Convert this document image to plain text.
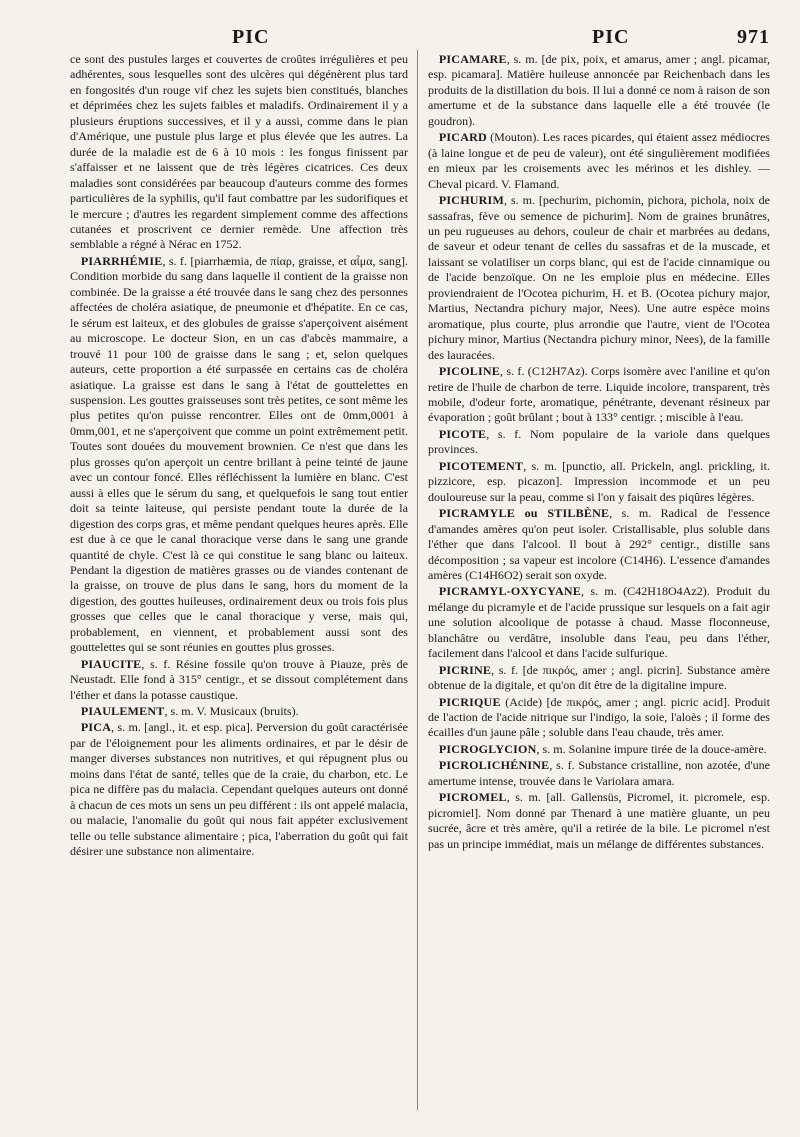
PIC	PIC	971

ce sont des pustules larges et couvertes de croûtes irrégulières et peu adhérentes, sous lesquelles sont des ulcères qui dégénèrent plus tard en fongosités d'un rouge vif chez les sujets bien constitués, blanches et déprimées chez les sujets faibles et maladifs. Ordinairement il y a plusieurs éruptions successives, et il y a aussi, comme dans le pian d'Amérique, une pustule plus large et plus élevée que les autres. La durée de la maladie est de 6 à 10 mois : les fongus finissent par s'affaisser et ne laissent que de très légères cicatrices. Ces deux maladies sont considérées par beaucoup d'auteurs comme des formes particulières de la syphilis, qu'il faut combattre par les sudorifiques et le mercure ; d'autres les regardent simplement comme des affections cutanées et proscrivent ce dernier remède. Une affection très semblable a régné à Nérac en 1752.

PIARRHÉMIE, s. f. [piarrhæmia, de πίαρ, graisse, et αἷμα, sang]. Condition morbide du sang dans laquelle il contient de la graisse non combinée. De la graisse a été trouvée dans le sang chez des personnes affectées de choléra asiatique, de pneumonie et d'hépatite. En ce cas, le sérum est laiteux, et des globules de graisse s'aperçoivent aisément au microscope. Le docteur Sion, en un cas d'abcès mammaire, a trouvé 11 pour 100 de graisse dans le sang ; et, selon quelques auteurs, cette proportion a été surpassée en certains cas de choléra asiatique. La graisse est dans le sang à l'état de gouttelettes en suspension. Les gouttes graisseuses sont très petites, ce sont même les plus petites qu'on puisse rencontrer. Elles ont de 0mm,0001 à 0mm,001, et ne s'aperçoivent que comme un point extrêmement petit. Toutes sont douées du mouvement brownien. Ce n'est que dans les plus grosses qu'on aperçoit un centre brillant à peine teinté de jaune avec un contour foncé. Elles réfléchissent la lumière en blanc. C'est aussi à elles que le sérum du sang, et quelquefois le sang tout entier doit sa teinte laiteuse, qui persiste pendant toute la durée de la digestion des corps gras, et même pendant quelques heures après. Elle est due à ce que le canal thoracique verse dans le sang une grande quantité de chyle. C'est là ce qui constitue le sang blanc ou laiteux. Pendant la digestion de matières grasses ou de viandes contenant de la graisse, on trouve de plus dans le sang, hors du moment de la digestion, des gouttes huileuses, ordinairement deux ou trois fois plus grosses que celles que le canal thoracique y verse, mais qui, probablement, en viennent, et probablement aussi sont des gouttelettes qui se sont réunies en gouttes plus grosses.

PIAUCITE, s. f. Résine fossile qu'on trouve à Piauze, près de Neustadt. Elle fond à 315° centigr., et se dissout complétement dans l'éther et dans la potasse caustique.

PIAULEMENT, s. m. V. Musicaux (bruits).

PICA, s. m. [angl., it. et esp. pica]. Perversion du goût caractérisée par de l'éloignement pour les aliments ordinaires, et par le désir de manger diverses substances non nutritives, et qui répugnent plus ou moins dans l'état de santé, telles que de la craie, du charbon, etc. Le pica ne diffère pas du malacia. Cependant quelques auteurs ont donné à chacun de ces mots un sens un peu différent : ils ont appelé malacia, ou malacie, l'anomalie du goût qui nous fait appéter exclusivement telle ou telle substance alimentaire ; pica, l'aberration du goût qui fait désirer une substance non alimentaire.

PICAMARE, s. m. [de pix, poix, et amarus, amer ; angl. picamar, esp. picamara]. Matière huileuse annoncée par Reichenbach dans les produits de la distillation du bois. Il lui a donné ce nom à raison de son amertume et de la substance dans laquelle elle a été trouvée (le goudron).

PICARD (Mouton). Les races picardes, qui étaient assez médiocres (à laine longue et de peu de valeur), ont été singulièrement modifiées en mieux par les croisements avec les mérinos et les dishley. — Cheval picard. V. Flamand.

PICHURIM, s. m. [pechurim, pichomin, pichora, pichola, noix de sassafras, fève ou semence de pichurim]. Nom de graines brunâtres, un peu rugueuses au dehors, couleur de chair et marbrées au dedans, de saveur et odeur tenant de celles du sassafras et de la muscade, et laissant se volatiliser un corps blanc, qui est de l'acide cinnamique ou de l'acide benzoïque. On ne les emploie plus en médecine. Elles proviendraient de l'Ocotea pichurim, H. et B. (Ocotea pichury major, Martius, Nectandra pichury major, Nees). Une autre espèce moins aromatique, plus courte, plus arrondie que l'autre, vient de l'Ocotea pichury minor, Martius (Nectandra pichury minor, Nees), de la famille des lauracées.

PICOLINE, s. f. (C12H7Az). Corps isomère avec l'aniline et qu'on retire de l'huile de charbon de terre. Liquide incolore, transparent, très mobile, d'odeur forte, aromatique, pénétrante, devenant résineux par évaporation ; goût brûlant ; bout à 133° centigr. ; miscible à l'eau.

PICOTE, s. f. Nom populaire de la variole dans quelques provinces.

PICOTEMENT, s. m. [punctio, all. Prickeln, angl. prickling, it. pizzicore, esp. picazon]. Impression incommode et un peu douloureuse sur la peau, comme si l'on y faisait des piqûres légères.

PICRAMYLE ou STILBÈNE, s. m. Radical de l'essence d'amandes amères qu'on peut isoler. Cristallisable, plus soluble dans l'éther que dans l'alcool. Il bout à 292° centigr., distille sans décomposition ; sa vapeur est incolore (C14H6). L'essence d'amandes amères (C14H6O2) serait son oxyde.

PICRAMYL-OXYCYANE, s. m. (C42H18O4Az2). Produit du mélange du picramyle et de l'acide prussique sur lesquels on a fait agir une solution alcoolique de potasse à chaud. Masse floconneuse, blanchâtre ou verdâtre, insoluble dans l'eau, peu dans l'éther, facilement dans l'alcool et dans l'acide sulfurique.

PICRINE, s. f. [de πικρός, amer ; angl. picrin]. Substance amère obtenue de la digitale, et qu'on dit être de la digitaline impure.

PICRIQUE (Acide) [de πικρός, amer ; angl. picric acid]. Produit de l'action de l'acide nitrique sur l'indigo, la soie, l'aloès ; il forme des écailles d'un jaune pâle ; soluble dans l'eau chaude, très amer.

PICROGLYCION, s. m. Solanine impure tirée de la douce-amère.

PICROLICHÉNINE, s. f. Substance cristalline, non azotée, d'une amertume intense, trouvée dans le Variolara amara.

PICROMEL, s. m. [all. Gallensüs, Picromel, it. picromele, esp. picromiel]. Nom donné par Thenard à une matière gluante, un peu sucrée, âcre et très amère, qu'il a retirée de la bile. Le picromel n'est pas un principe immédiat, mais un mélange de différentes substances.
